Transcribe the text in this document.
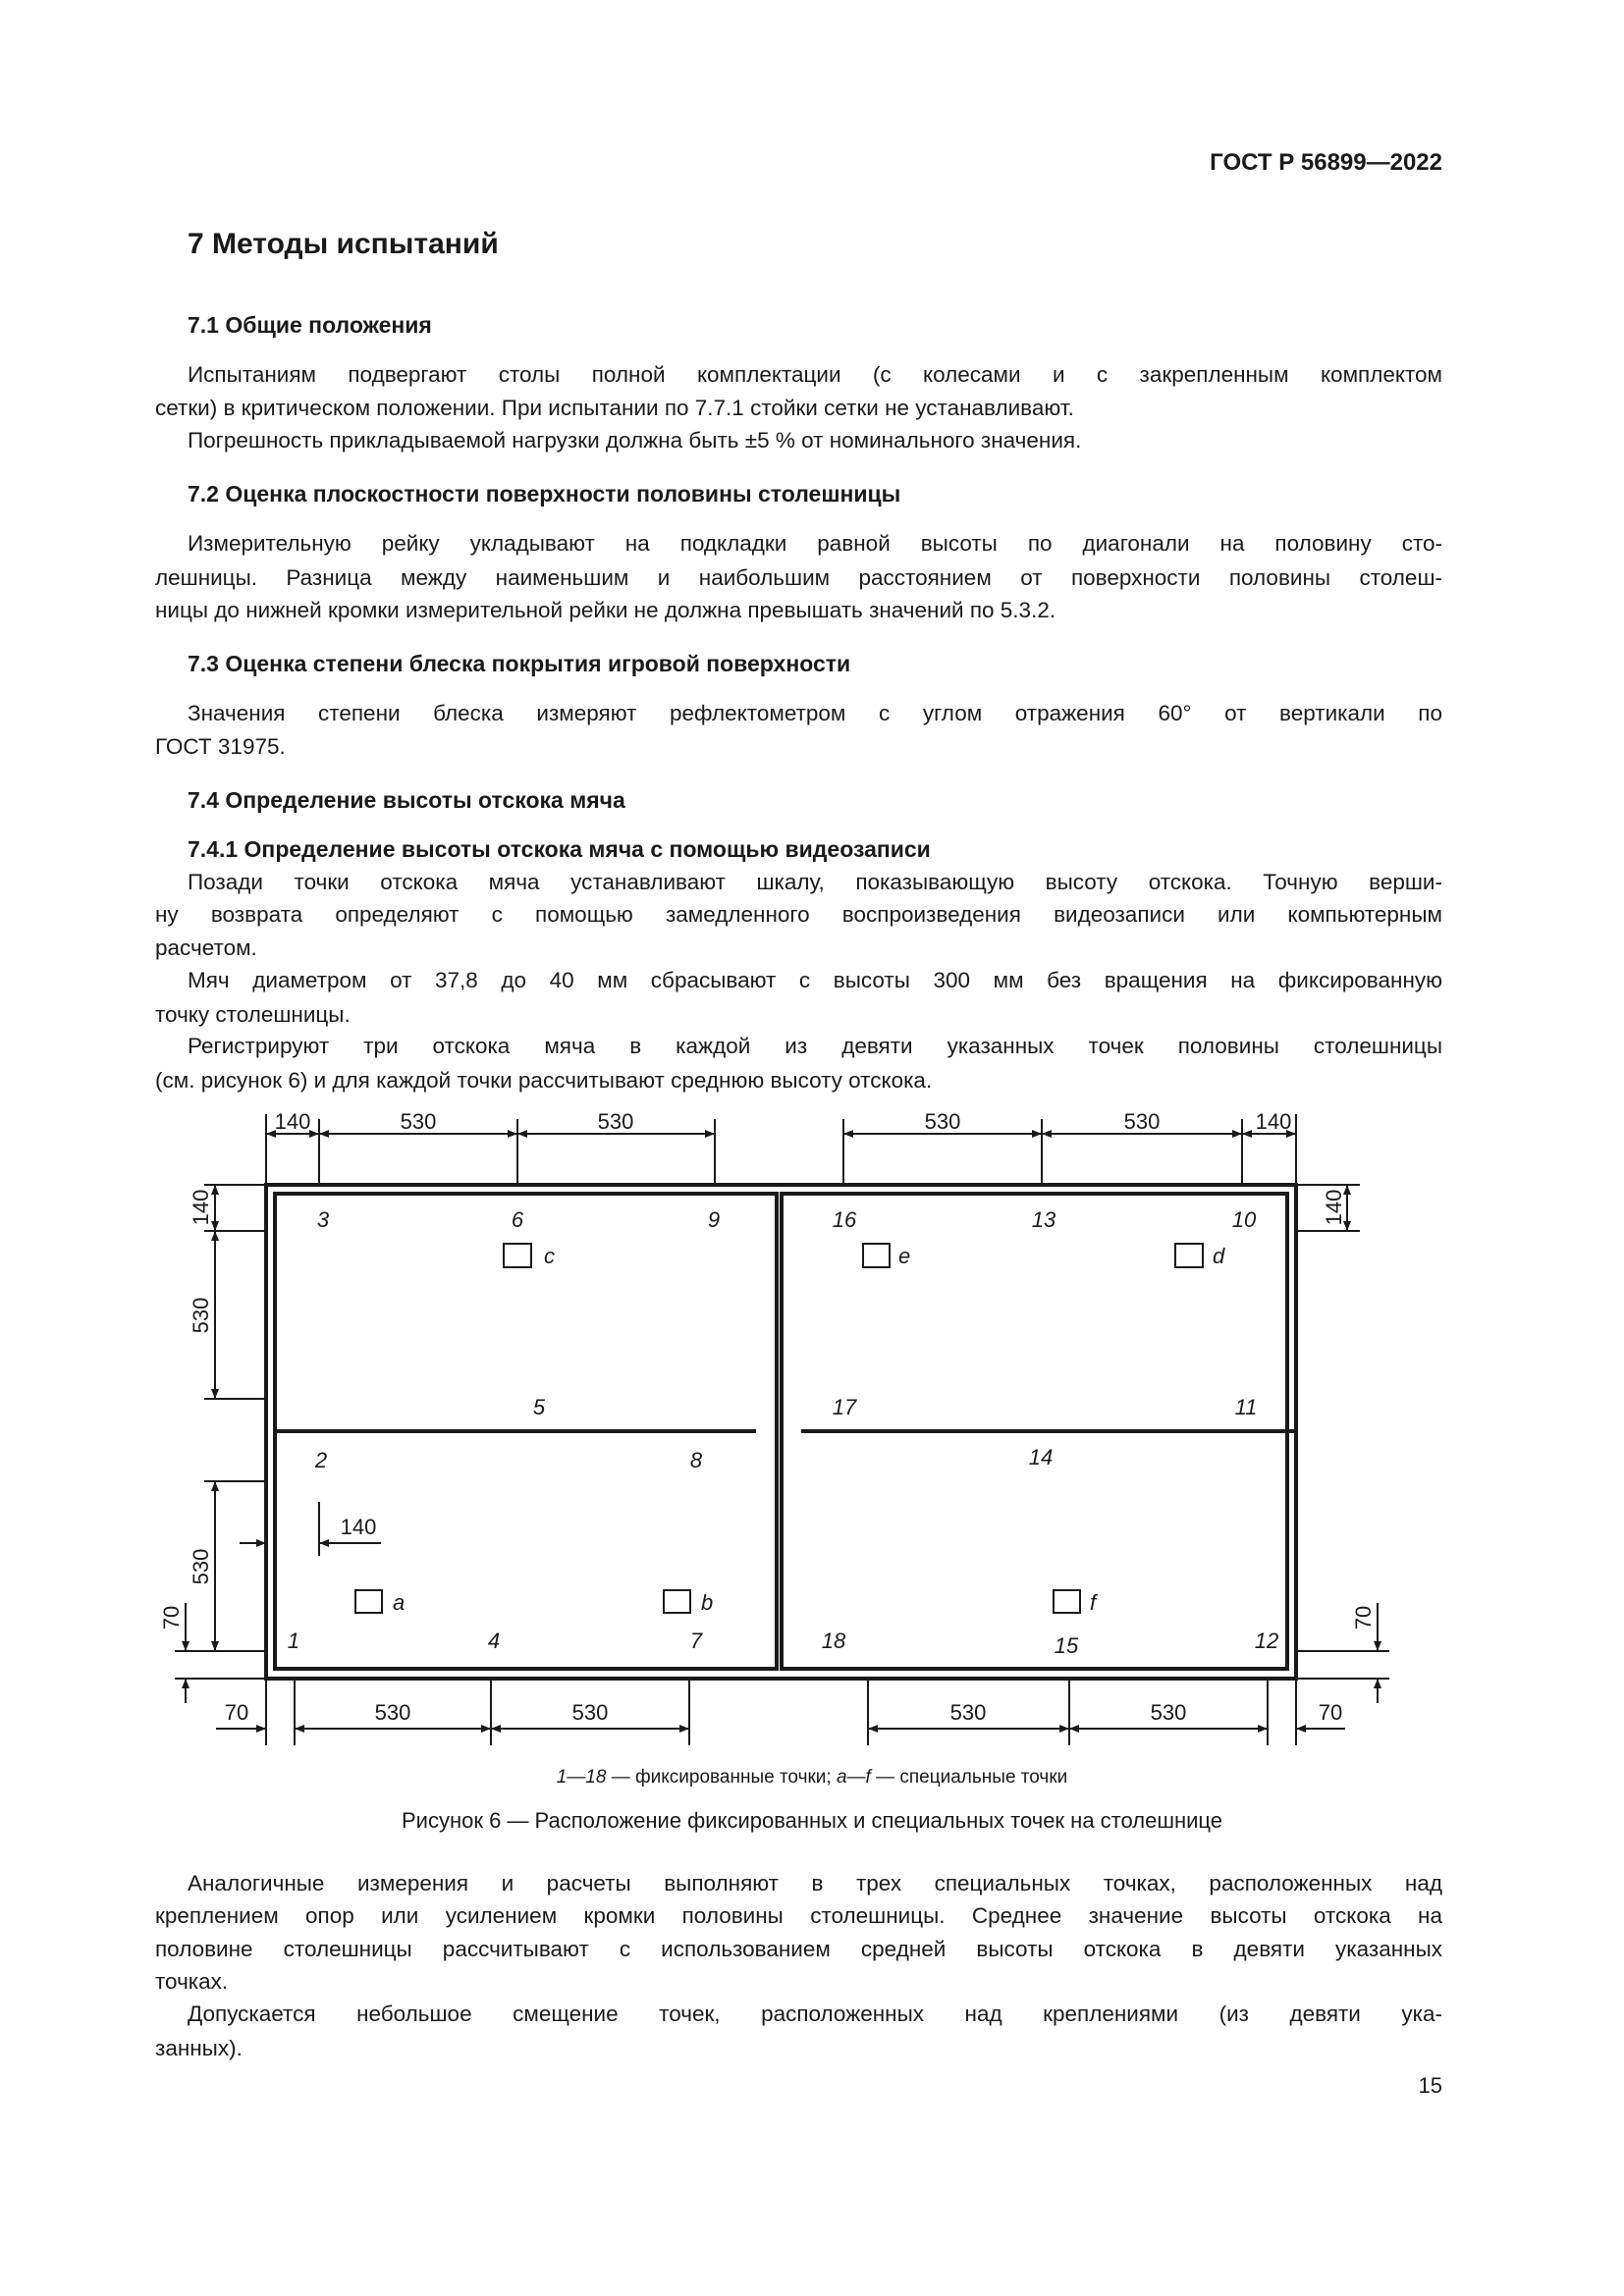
ГОСТ Р 56899—2022
7 Методы испытаний
7.1 Общие положения
Испытаниям подвергают столы полной комплектации (с колесами и с закрепленным комплектом
сетки) в критическом положении. При испытании по 7.7.1 стойки сетки не устанавливают.
Погрешность прикладываемой нагрузки должна быть ±5 % от номинального значения.
7.2 Оценка плоскостности поверхности половины столешницы
Измерительную рейку укладывают на подкладки равной высоты по диагонали на половину сто-
лешницы. Разница между наименьшим и наибольшим расстоянием от поверхности половины столеш-
ницы до нижней кромки измерительной рейки не должна превышать значений по 5.3.2.
7.3 Оценка степени блеска покрытия игровой поверхности
Значения степени блеска измеряют рефлектометром с углом отражения 60° от вертикали по
ГОСТ 31975.
7.4 Определение высоты отскока мяча
7.4.1 Определение высоты отскока мяча с помощью видеозаписи
Позади точки отскока мяча устанавливают шкалу, показывающую высоту отскока. Точную верши-
ну возврата определяют с помощью замедленного воспроизведения видеозаписи или компьютерным
расчетом.
Мяч диаметром от 37,8 до 40 мм сбрасывают с высоты 300 мм без вращения на фиксированную
точку столешницы.
Регистрируют три отскока мяча в каждой из девяти указанных точек половины столешницы
(см. рисунок 6) и для каждой точки рассчитывают среднюю высоту отскока.
140	530	530	530	530	140
70	530	530	530	530	70
140
140
530
530
70
140
70
1
2
3
4
5
6
7
8
9	10
11
12
13
14
15
16
17
18
a	b
c	d
e
f
1—18 — фиксированные точки; a—f — специальные точки
Рисунок 6 — Расположение фиксированных и специальных точек на столешнице
Аналогичные измерения и расчеты выполняют в трех специальных точках, расположенных над
креплением опор или усилением кромки половины столешницы. Среднее значение высоты отскока на
половине столешницы рассчитывают с использованием средней высоты отскока в девяти указанных
точках.
Допускается небольшое смещение точек, расположенных над креплениями (из девяти ука-
занных).
15
